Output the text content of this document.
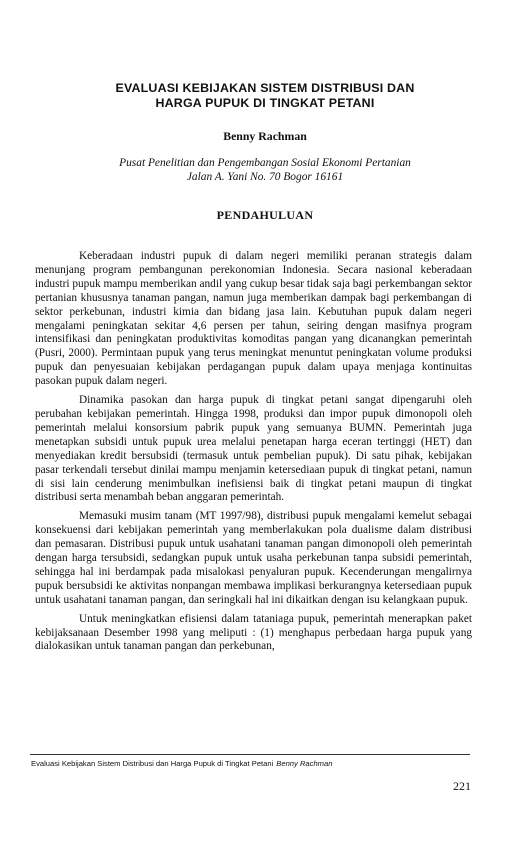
EVALUASI KEBIJAKAN SISTEM DISTRIBUSI DAN
HARGA PUPUK DI TINGKAT PETANI
Benny Rachman
Pusat Penelitian dan Pengembangan Sosial Ekonomi Pertanian
Jalan A. Yani No. 70 Bogor 16161
PENDAHULUAN

Keberadaan industri pupuk di dalam negeri memiliki peranan strategis dalam menunjang program pembangunan perekonomian Indonesia. Secara nasional keberadaan industri pupuk mampu memberikan andil yang cukup besar tidak saja bagi perkembangan sektor pertanian khususnya tanaman pangan, namun juga memberikan dampak bagi perkembangan di sektor perkebunan, industri kimia dan bidang jasa lain. Kebutuhan pupuk dalam negeri mengalami peningkatan sekitar 4,6 persen per tahun, seiring dengan masifnya program intensifikasi dan peningkatan produktivitas komoditas pangan yang dicanangkan pemerintah (Pusri, 2000). Permintaan pupuk yang terus meningkat menuntut peningkatan volume produksi pupuk dan penyesuaian kebijakan perdagangan pupuk dalam upaya menjaga kontinuitas pasokan pupuk dalam negeri.

Dinamika pasokan dan harga pupuk di tingkat petani sangat dipengaruhi oleh perubahan kebijakan pemerintah. Hingga 1998, produksi dan impor pupuk dimonopoli oleh pemerintah melalui konsorsium pabrik pupuk yang semuanya BUMN. Pemerintah juga menetapkan subsidi untuk pupuk urea melalui penetapan harga eceran tertinggi (HET) dan menyediakan kredit bersubsidi (termasuk untuk pembelian pupuk). Di satu pihak, kebijakan pasar terkendali tersebut dinilai mampu menjamin ketersediaan pupuk di tingkat petani, namun di sisi lain cenderung menimbulkan inefisiensi baik di tingkat petani maupun di tingkat distribusi serta menambah beban anggaran pemerintah.

Memasuki musim tanam (MT 1997/98), distribusi pupuk mengalami kemelut sebagai konsekuensi dari kebijakan pemerintah yang memberlakukan pola dualisme dalam distribusi dan pemasaran. Distribusi pupuk untuk usahatani tanaman pangan dimonopoli oleh pemerintah dengan harga tersubsidi, sedangkan pupuk untuk usaha perkebunan tanpa subsidi pemerintah, sehingga hal ini berdampak pada misalokasi penyaluran pupuk. Kecenderungan mengalirnya pupuk bersubsidi ke aktivitas nonpangan membawa implikasi berkurangnya ketersediaan pupuk untuk usahatani tanaman pangan, dan seringkali hal ini dikaitkan dengan isu kelangkaan pupuk.

Untuk meningkatkan efisiensi dalam tataniaga pupuk, pemerintah menerapkan paket kebijaksanaan Desember 1998 yang meliputi : (1) menghapus perbedaan harga pupuk yang dialokasikan untuk tanaman pangan dan perkebunan,

Evaluasi Kebijakan Sistem Distribusi dan Harga Pupuk di Tingkat Petani Benny Rachman
221
